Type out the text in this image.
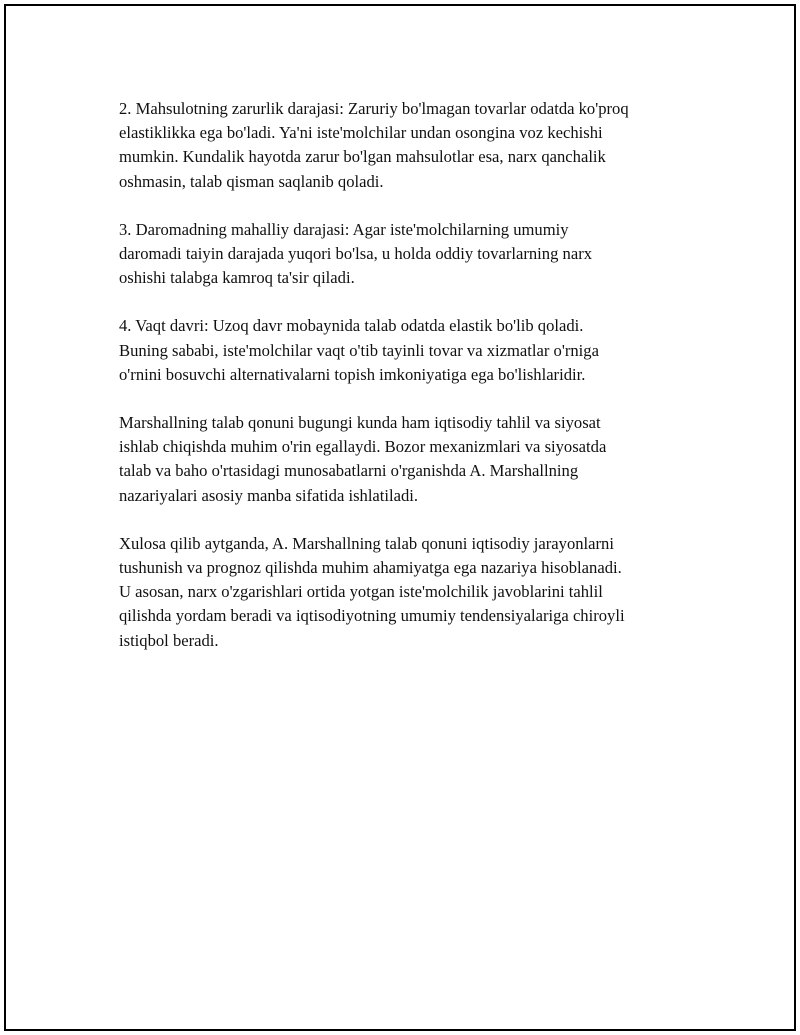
2. Mahsulotning zarurlik darajasi: Zaruriy bo'lmagan tovarlar odatda ko'proq
elastiklikka ega bo'ladi. Ya'ni iste'molchilar undan osongina voz kechishi
mumkin. Kundalik hayotda zarur bo'lgan mahsulotlar esa, narx qanchalik
oshmasin, talab qisman saqlanib qoladi.

3. Daromadning mahalliy darajasi: Agar iste'molchilarning umumiy
daromadi taiyin darajada yuqori bo'lsa, u holda oddiy tovarlarning narx
oshishi talabga kamroq ta'sir qiladi.

4. Vaqt davri: Uzoq davr mobaynida talab odatda elastik bo'lib qoladi.
Buning sababi, iste'molchilar vaqt o'tib tayinli tovar va xizmatlar o'rniga
o'rnini bosuvchi alternativalarni topish imkoniyatiga ega bo'lishlaridir.

Marshallning talab qonuni bugungi kunda ham iqtisodiy tahlil va siyosat
ishlab chiqishda muhim o'rin egallaydi. Bozor mexanizmlari va siyosatda
talab va baho o'rtasidagi munosabatlarni o'rganishda A. Marshallning
nazariyalari asosiy manba sifatida ishlatiladi.

Xulosa qilib aytganda, A. Marshallning talab qonuni iqtisodiy jarayonlarni
tushunish va prognoz qilishda muhim ahamiyatga ega nazariya hisoblanadi.
U asosan, narx o'zgarishlari ortida yotgan iste'molchilik javoblarini tahlil
qilishda yordam beradi va iqtisodiyotning umumiy tendensiyalariga chiroyli
istiqbol beradi.
